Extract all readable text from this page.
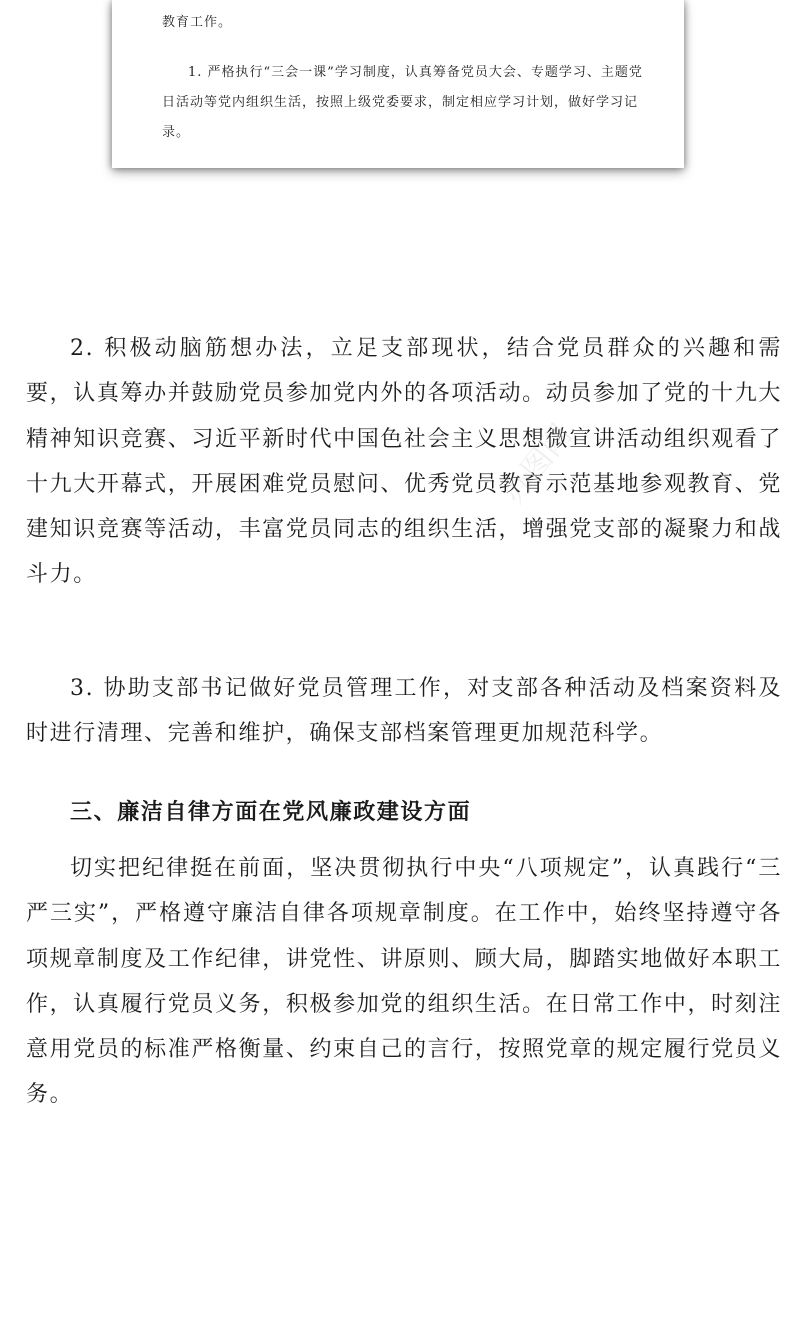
教育工作。

1. 严格执行“三会一课”学习制度，认真筹备党员大会、专题学习、主题党日活动等党内组织生活，按照上级党委要求，制定相应学习计划，做好学习记录。

2. 积极动脑筋想办法，立足支部现状，结合党员群众的兴趣和需要，认真筹办并鼓励党员参加党内外的各项活动。动员参加了党的十九大精神知识竞赛、习近平新时代中国色社会主义思想微宣讲活动组织观看了十九大开幕式，开展困难党员慰问、优秀党员教育示范基地参观教育、党建知识竞赛等活动，丰富党员同志的组织生活，增强党支部的凝聚力和战斗力。

3. 协助支部书记做好党员管理工作，对支部各种活动及档案资料及时进行清理、完善和维护，确保支部档案管理更加规范科学。

三、廉洁自律方面在党风廉政建设方面

切实把纪律挺在前面，坚决贯彻执行中央“八项规定”，认真践行“三严三实”，严格遵守廉洁自律各项规章制度。在工作中，始终坚持遵守各项规章制度及工作纪律，讲党性、讲原则、顾大局，脚踏实地做好本职工作，认真履行党员义务，积极参加党的组织生活。在日常工作中，时刻注意用党员的标准严格衡量、约束自己的言行，按照党章的规定履行党员义务。

办图网
